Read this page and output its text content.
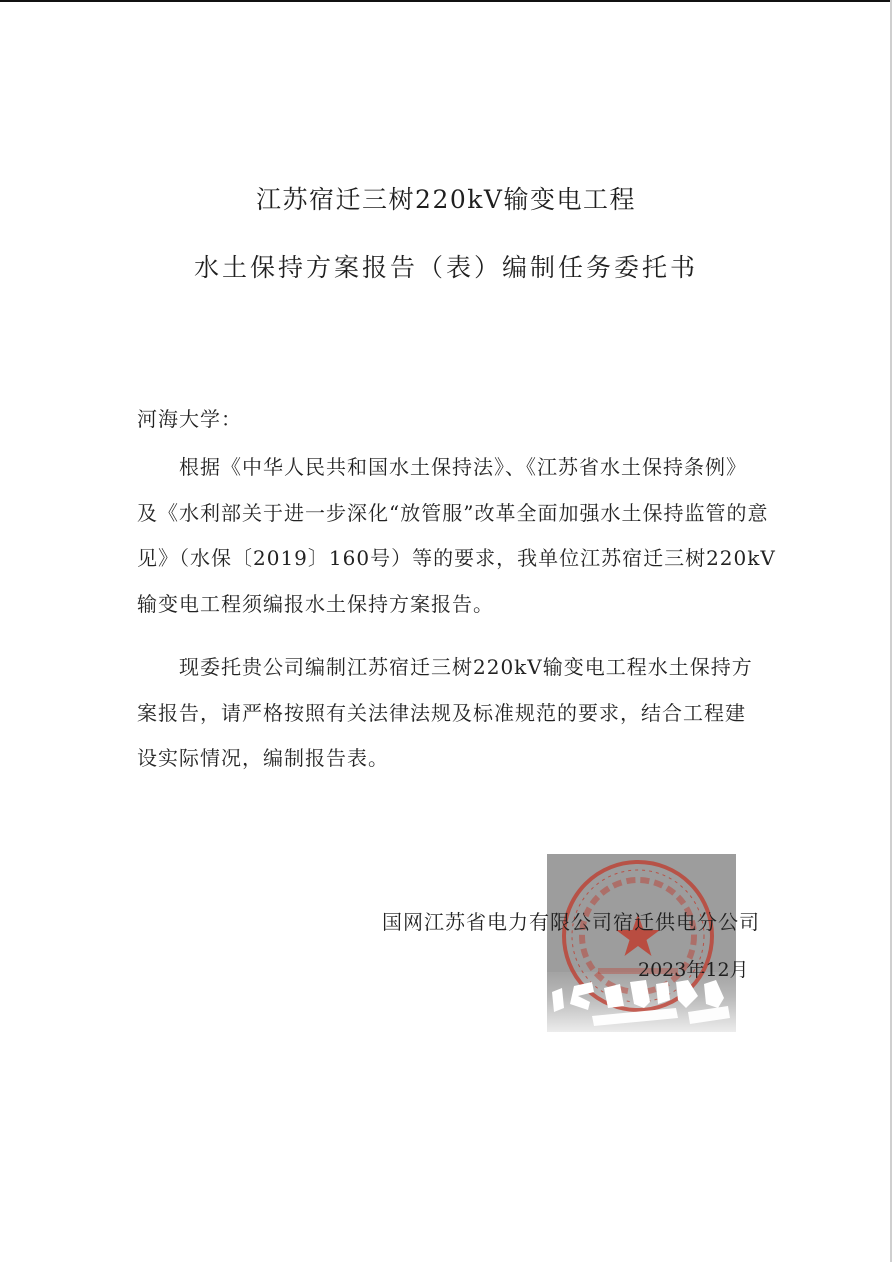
江苏宿迁三树220kV输变电工程
水土保持方案报告（表）编制任务委托书
河海大学：
　　根据《中华人民共和国水土保持法》、《江苏省水土保持条例》
及《水利部关于进一步深化“放管服”改革全面加强水土保持监管的意
见》（水保〔2019〕160号）等的要求，我单位江苏宿迁三树220kV
输变电工程须编报水土保持方案报告。
　　现委托贵公司编制江苏宿迁三树220kV输变电工程水土保持方
案报告，请严格按照有关法律法规及标准规范的要求，结合工程建
设实际情况，编制报告表。
国网江苏省电力有限公司宿迁供电分公司
2023年12月
